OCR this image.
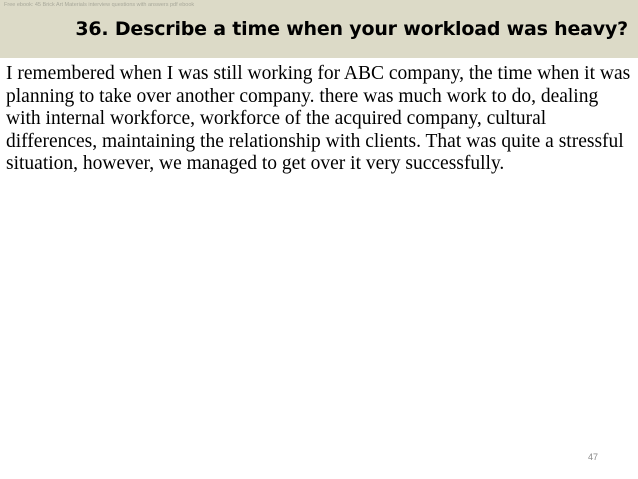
Free ebook: 45 Brick Art Materials interview questions with answers pdf ebook
36. Describe a time when your workload was heavy?

I remembered when I was still working for ABC company, the time when it was planning to take over another company. there was much work to do, dealing with internal workforce, workforce of the acquired company, cultural differences, maintaining the relationship with clients. That was quite a stressful situation, however, we managed to get over it very successfully.

47
